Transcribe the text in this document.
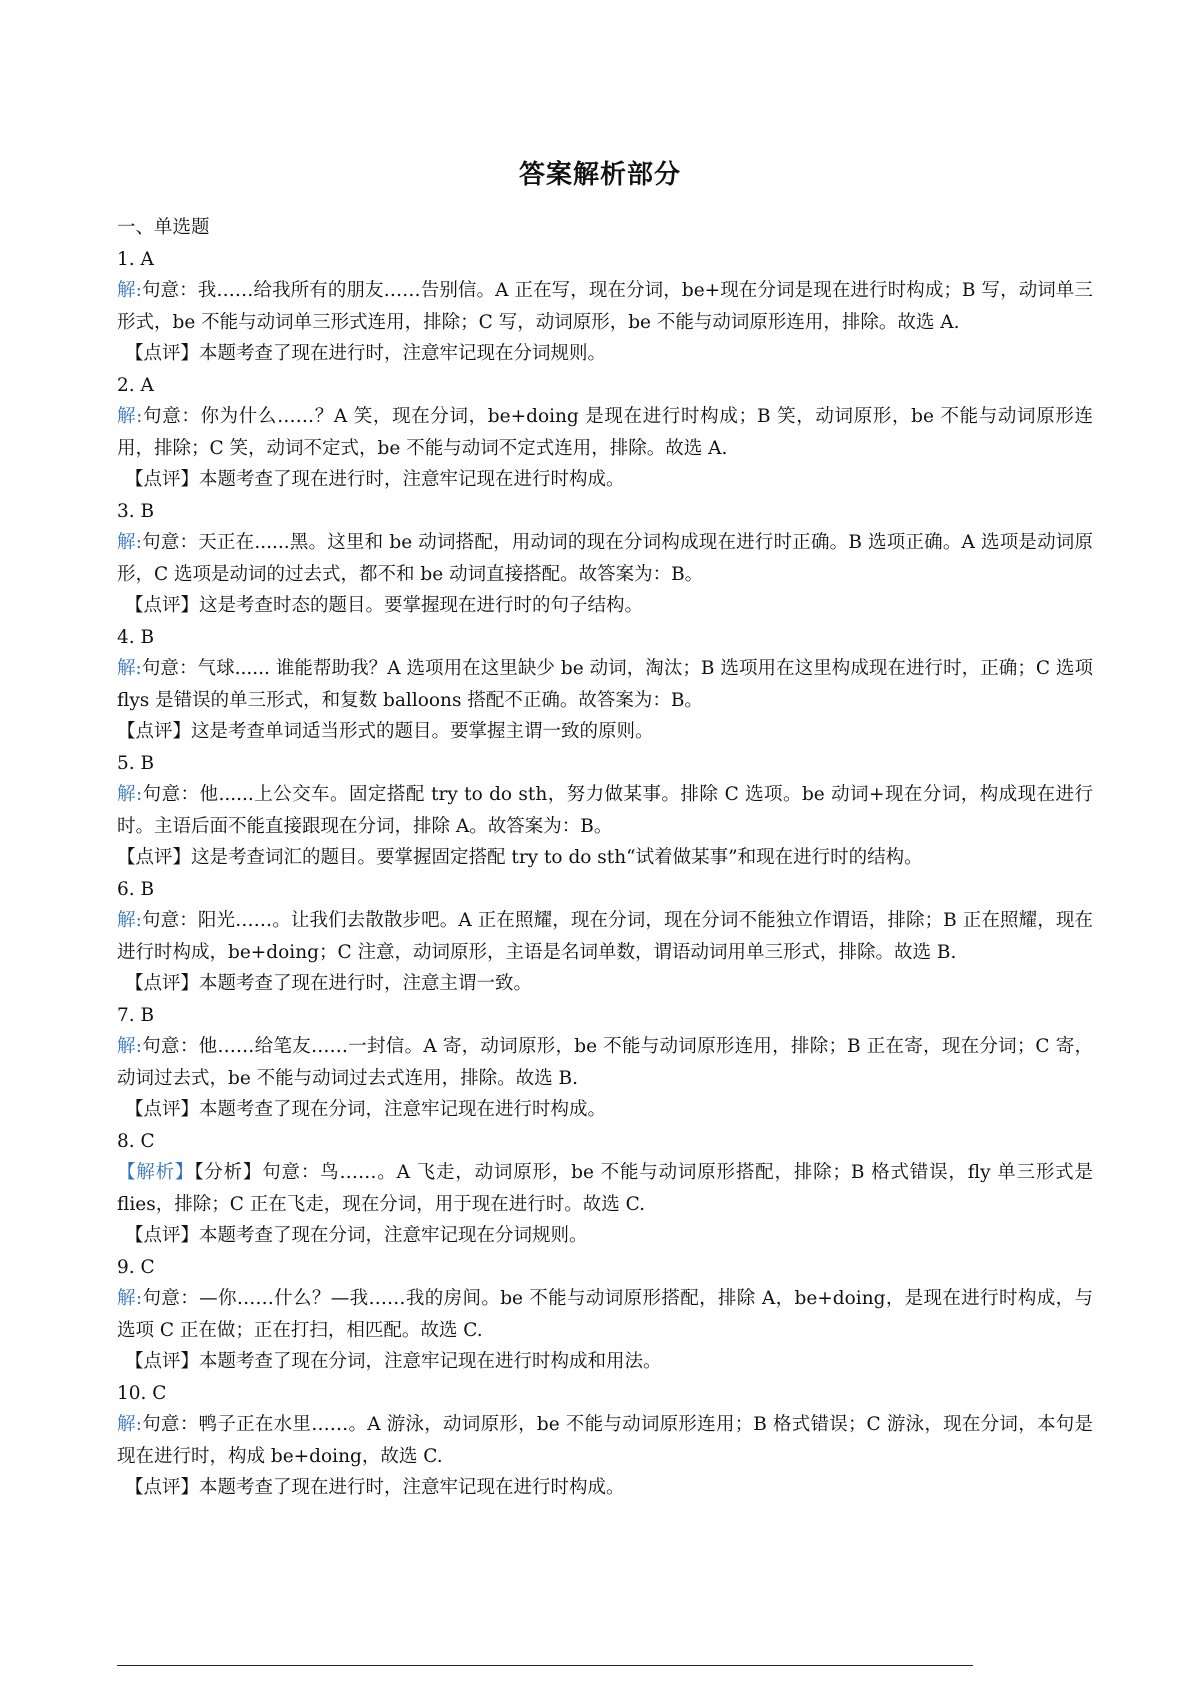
答案解析部分

一、单选题

1. A

解:句意：我……给我所有的朋友……告别信。A 正在写，现在分词，be+现在分词是现在进行时构成；B 写，动词单三形式，be 不能与动词单三形式连用，排除；C 写，动词原形，be 不能与动词原形连用，排除。故选 A.

【点评】本题考查了现在进行时，注意牢记现在分词规则。

2. A

解:句意：你为什么……？A 笑，现在分词，be+doing 是现在进行时构成；B 笑，动词原形，be 不能与动词原形连用，排除；C 笑，动词不定式，be 不能与动词不定式连用，排除。故选 A.

【点评】本题考查了现在进行时，注意牢记现在进行时构成。

3. B

解:句意：天正在......黑。这里和 be 动词搭配，用动词的现在分词构成现在进行时正确。B 选项正确。A 选项是动词原形，C 选项是动词的过去式，都不和 be 动词直接搭配。故答案为：B。

【点评】这是考查时态的题目。要掌握现在进行时的句子结构。

4. B

解:句意：气球...... 谁能帮助我？A 选项用在这里缺少 be 动词，淘汰；B 选项用在这里构成现在进行时，正确；C 选项 flys 是错误的单三形式，和复数 balloons 搭配不正确。故答案为：B。

【点评】这是考查单词适当形式的题目。要掌握主谓一致的原则。

5. B

解:句意：他......上公交车。固定搭配 try to do sth，努力做某事。排除 C 选项。be 动词+现在分词，构成现在进行时。主语后面不能直接跟现在分词，排除 A。故答案为：B。

【点评】这是考查词汇的题目。要掌握固定搭配 try to do sth“试着做某事”和现在进行时的结构。

6. B

解:句意：阳光……。让我们去散散步吧。A 正在照耀，现在分词，现在分词不能独立作谓语，排除；B 正在照耀，现在进行时构成，be+doing；C 注意，动词原形，主语是名词单数，谓语动词用单三形式，排除。故选 B.

【点评】本题考查了现在进行时，注意主谓一致。

7. B

解:句意：他……给笔友……一封信。A 寄，动词原形，be 不能与动词原形连用，排除；B 正在寄，现在分词；C 寄，动词过去式，be 不能与动词过去式连用，排除。故选 B.

【点评】本题考查了现在分词，注意牢记现在进行时构成。

8. C

【解析】【分析】句意：鸟……。A 飞走，动词原形，be 不能与动词原形搭配，排除；B 格式错误，fly 单三形式是 flies，排除；C 正在飞走，现在分词，用于现在进行时。故选 C.

【点评】本题考查了现在分词，注意牢记现在分词规则。

9. C

解:句意：—你……什么？—我……我的房间。be 不能与动词原形搭配，排除 A，be+doing，是现在进行时构成，与选项 C 正在做；正在打扫，相匹配。故选 C.

【点评】本题考查了现在分词，注意牢记现在进行时构成和用法。

10. C

解:句意：鸭子正在水里……。A 游泳，动词原形，be 不能与动词原形连用；B 格式错误；C 游泳，现在分词，本句是现在进行时，构成 be+doing，故选 C.

【点评】本题考查了现在进行时，注意牢记现在进行时构成。
